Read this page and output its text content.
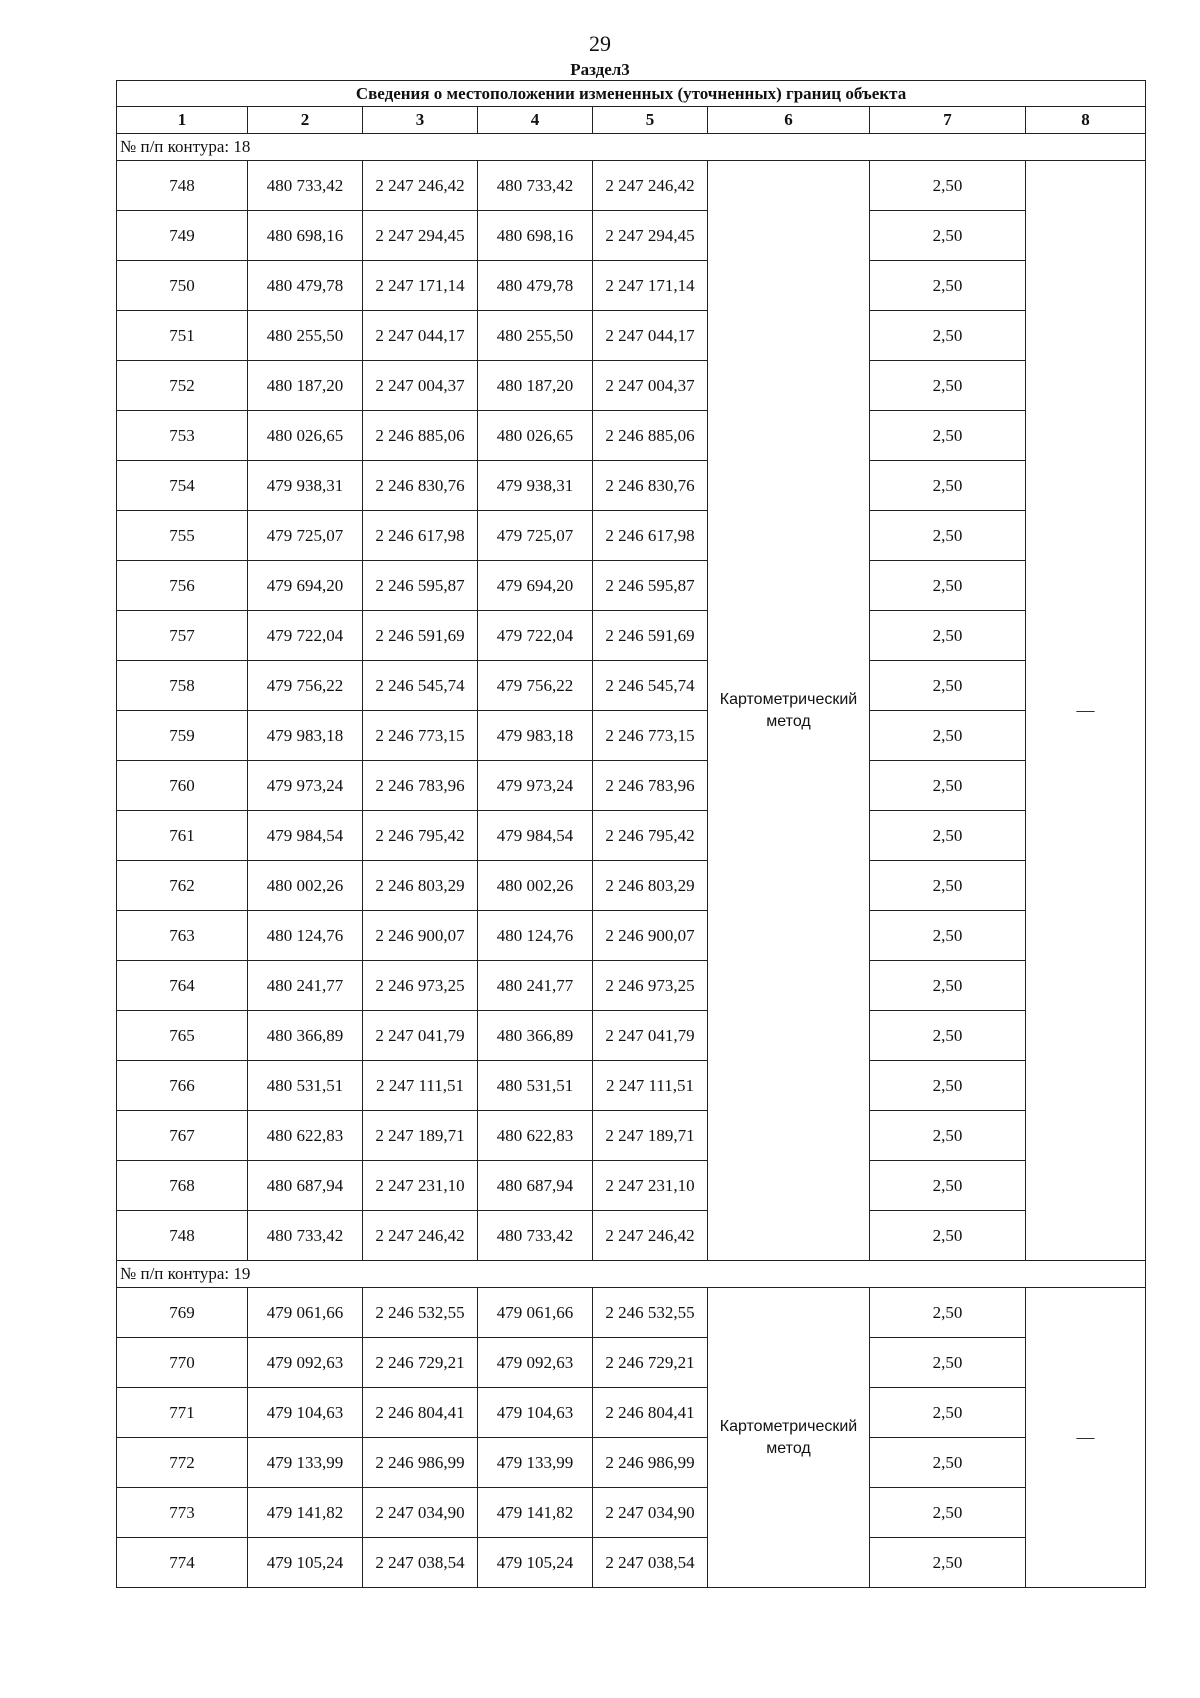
29
Раздел3
Сведения о местоположении измененных (уточненных) границ объекта							
1	2	3	4	5	6	7	8
№ п/п контура: 18							
748	480 733,42	2 247 246,42	480 733,42	2 247 246,42	Картометрический метод	2,50	—
749	480 698,16	2 247 294,45	480 698,16	2 247 294,45		2,50	
750	480 479,78	2 247 171,14	480 479,78	2 247 171,14		2,50	
751	480 255,50	2 247 044,17	480 255,50	2 247 044,17		2,50	
752	480 187,20	2 247 004,37	480 187,20	2 247 004,37		2,50	
753	480 026,65	2 246 885,06	480 026,65	2 246 885,06		2,50	
754	479 938,31	2 246 830,76	479 938,31	2 246 830,76		2,50	
755	479 725,07	2 246 617,98	479 725,07	2 246 617,98		2,50	
756	479 694,20	2 246 595,87	479 694,20	2 246 595,87		2,50	
757	479 722,04	2 246 591,69	479 722,04	2 246 591,69		2,50	
758	479 756,22	2 246 545,74	479 756,22	2 246 545,74		2,50	
759	479 983,18	2 246 773,15	479 983,18	2 246 773,15		2,50	
760	479 973,24	2 246 783,96	479 973,24	2 246 783,96		2,50	
761	479 984,54	2 246 795,42	479 984,54	2 246 795,42		2,50	
762	480 002,26	2 246 803,29	480 002,26	2 246 803,29		2,50	
763	480 124,76	2 246 900,07	480 124,76	2 246 900,07		2,50	
764	480 241,77	2 246 973,25	480 241,77	2 246 973,25		2,50	
765	480 366,89	2 247 041,79	480 366,89	2 247 041,79		2,50	
766	480 531,51	2 247 111,51	480 531,51	2 247 111,51		2,50	
767	480 622,83	2 247 189,71	480 622,83	2 247 189,71		2,50	
768	480 687,94	2 247 231,10	480 687,94	2 247 231,10		2,50	
748	480 733,42	2 247 246,42	480 733,42	2 247 246,42		2,50	
№ п/п контура: 19							
769	479 061,66	2 246 532,55	479 061,66	2 246 532,55	Картометрический метод	2,50	—
770	479 092,63	2 246 729,21	479 092,63	2 246 729,21		2,50	
771	479 104,63	2 246 804,41	479 104,63	2 246 804,41		2,50	
772	479 133,99	2 246 986,99	479 133,99	2 246 986,99		2,50	
773	479 141,82	2 247 034,90	479 141,82	2 247 034,90		2,50	
774	479 105,24	2 247 038,54	479 105,24	2 247 038,54		2,50	
